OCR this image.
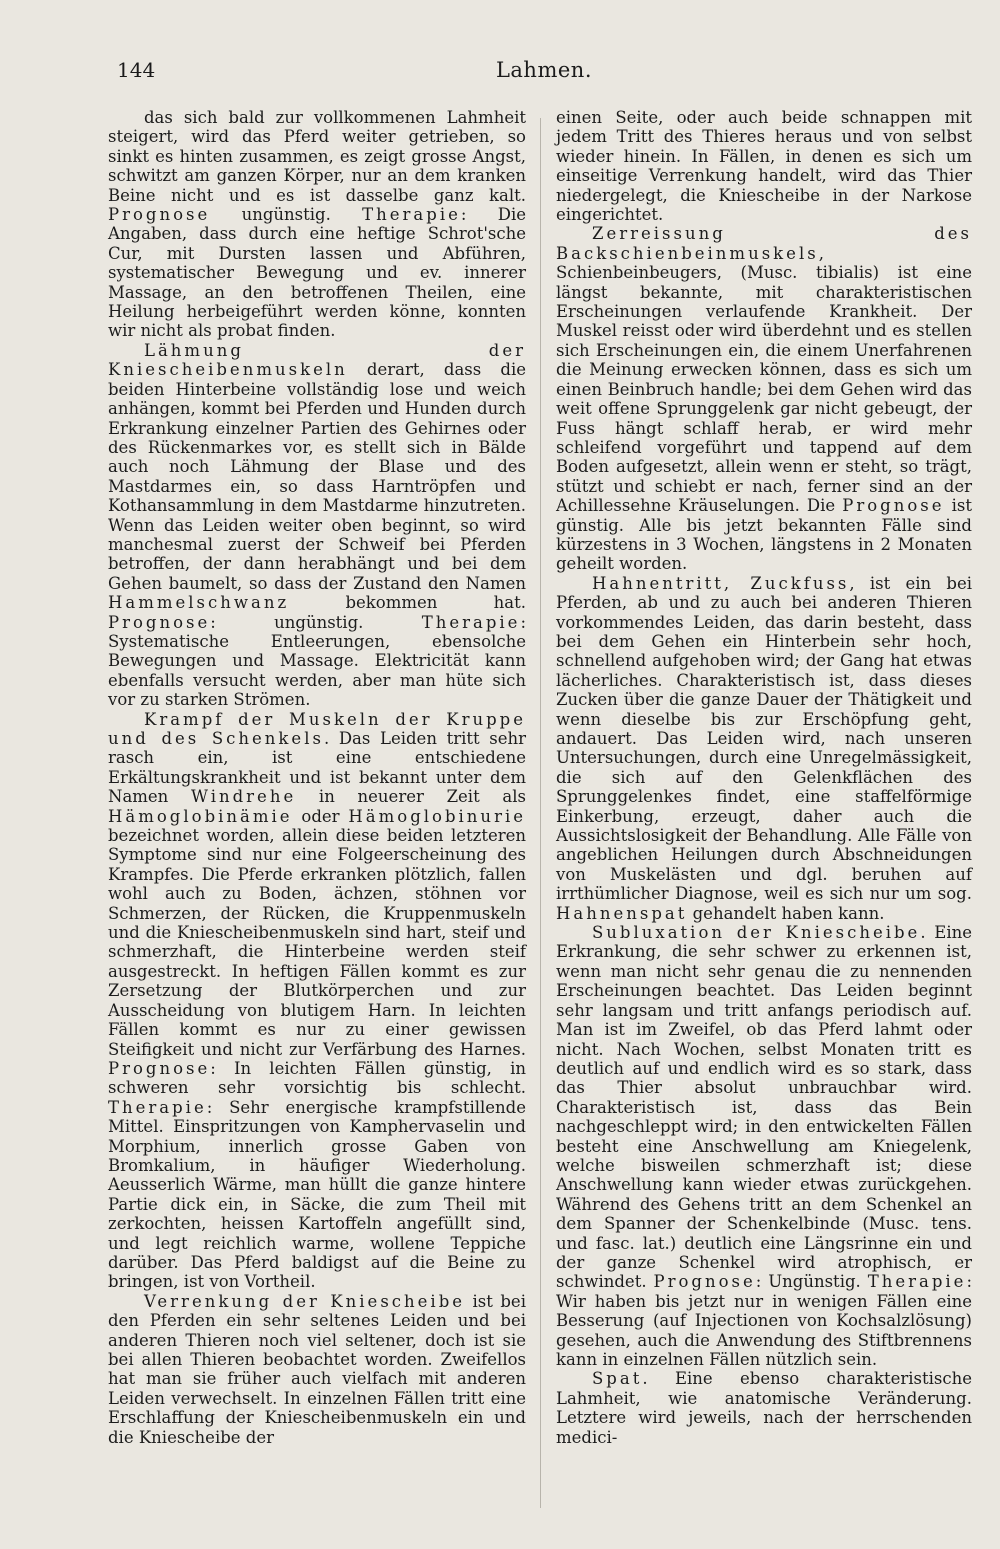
144	Lahmen.

das sich bald zur vollkommenen Lahmheit steigert, wird das Pferd weiter getrieben, so sinkt es hinten zusammen, es zeigt grosse Angst, schwitzt am ganzen Körper, nur an dem kranken Beine nicht und es ist dasselbe ganz kalt. Prognose ungünstig. Therapie: Die Angaben, dass durch eine heftige Schrot'sche Cur, mit Dursten lassen und Abführen, systematischer Bewegung und ev. innerer Massage, an den betroffenen Theilen, eine Heilung herbeigeführt werden könne, konnten wir nicht als probat finden.

Lähmung der Kniescheibenmuskeln derart, dass die beiden Hinterbeine vollständig lose und weich anhängen, kommt bei Pferden und Hunden durch Erkrankung einzelner Partien des Gehirnes oder des Rückenmarkes vor, es stellt sich in Bälde auch noch Lähmung der Blase und des Mastdarmes ein, so dass Harntröpfen und Kothansammlung in dem Mastdarme hinzutreten. Wenn das Leiden weiter oben beginnt, so wird manchesmal zuerst der Schweif bei Pferden betroffen, der dann herabhängt und bei dem Gehen baumelt, so dass der Zustand den Namen Hammelschwanz bekommen hat. Prognose: ungünstig. Therapie: Systematische Entleerungen, ebensolche Bewegungen und Massage. Elektricität kann ebenfalls versucht werden, aber man hüte sich vor zu starken Strömen.

Krampf der Muskeln der Kruppe und des Schenkels. Das Leiden tritt sehr rasch ein, ist eine entschiedene Erkältungskrankheit und ist bekannt unter dem Namen Windrehe in neuerer Zeit als Hämoglobinämie oder Hämoglobinurie bezeichnet worden, allein diese beiden letzteren Symptome sind nur eine Folgeerscheinung des Krampfes. Die Pferde erkranken plötzlich, fallen wohl auch zu Boden, ächzen, stöhnen vor Schmerzen, der Rücken, die Kruppenmuskeln und die Kniescheibenmuskeln sind hart, steif und schmerzhaft, die Hinterbeine werden steif ausgestreckt. In heftigen Fällen kommt es zur Zersetzung der Blutkörperchen und zur Ausscheidung von blutigem Harn. In leichten Fällen kommt es nur zu einer gewissen Steifigkeit und nicht zur Verfärbung des Harnes. Prognose: In leichten Fällen günstig, in schweren sehr vorsichtig bis schlecht. Therapie: Sehr energische krampfstillende Mittel. Einspritzungen von Kamphervaselin und Morphium, innerlich grosse Gaben von Bromkalium, in häufiger Wiederholung. Aeusserlich Wärme, man hüllt die ganze hintere Partie dick ein, in Säcke, die zum Theil mit zerkochten, heissen Kartoffeln angefüllt sind, und legt reichlich warme, wollene Teppiche darüber. Das Pferd baldigst auf die Beine zu bringen, ist von Vortheil.

Verrenkung der Kniescheibe ist bei den Pferden ein sehr seltenes Leiden und bei anderen Thieren noch viel seltener, doch ist sie bei allen Thieren beobachtet worden. Zweifellos hat man sie früher auch vielfach mit anderen Leiden verwechselt. In einzelnen Fällen tritt eine Erschlaffung der Kniescheibenmuskeln ein und die Kniescheibe der

einen Seite, oder auch beide schnappen mit jedem Tritt des Thieres heraus und von selbst wieder hinein. In Fällen, in denen es sich um einseitige Verrenkung handelt, wird das Thier niedergelegt, die Kniescheibe in der Narkose eingerichtet.

Zerreissung des Backschienbeinmuskels, Schienbeinbeugers, (Musc. tibialis) ist eine längst bekannte, mit charakteristischen Erscheinungen verlaufende Krankheit. Der Muskel reisst oder wird überdehnt und es stellen sich Erscheinungen ein, die einem Unerfahrenen die Meinung erwecken können, dass es sich um einen Beinbruch handle; bei dem Gehen wird das weit offene Sprunggelenk gar nicht gebeugt, der Fuss hängt schlaff herab, er wird mehr schleifend vorgeführt und tappend auf dem Boden aufgesetzt, allein wenn er steht, so trägt, stützt und schiebt er nach, ferner sind an der Achillessehne Kräuselungen. Die Prognose ist günstig. Alle bis jetzt bekannten Fälle sind kürzestens in 3 Wochen, längstens in 2 Monaten geheilt worden.

Hahnentritt, Zuckfuss, ist ein bei Pferden, ab und zu auch bei anderen Thieren vorkommendes Leiden, das darin besteht, dass bei dem Gehen ein Hinterbein sehr hoch, schnellend aufgehoben wird; der Gang hat etwas lächerliches. Charakteristisch ist, dass dieses Zucken über die ganze Dauer der Thätigkeit und wenn dieselbe bis zur Erschöpfung geht, andauert. Das Leiden wird, nach unseren Untersuchungen, durch eine Unregelmässigkeit, die sich auf den Gelenkflächen des Sprunggelenkes findet, eine staffelförmige Einkerbung, erzeugt, daher auch die Aussichtslosigkeit der Behandlung. Alle Fälle von angeblichen Heilungen durch Abschneidungen von Muskelästen und dgl. beruhen auf irrthümlicher Diagnose, weil es sich nur um sog. Hahnenspat gehandelt haben kann.

Subluxation der Kniescheibe. Eine Erkrankung, die sehr schwer zu erkennen ist, wenn man nicht sehr genau die zu nennenden Erscheinungen beachtet. Das Leiden beginnt sehr langsam und tritt anfangs periodisch auf. Man ist im Zweifel, ob das Pferd lahmt oder nicht. Nach Wochen, selbst Monaten tritt es deutlich auf und endlich wird es so stark, dass das Thier absolut unbrauchbar wird. Charakteristisch ist, dass das Bein nachgeschleppt wird; in den entwickelten Fällen besteht eine Anschwellung am Kniegelenk, welche bisweilen schmerzhaft ist; diese Anschwellung kann wieder etwas zurückgehen. Während des Gehens tritt an dem Schenkel an dem Spanner der Schenkelbinde (Musc. tens. und fasc. lat.) deutlich eine Längsrinne ein und der ganze Schenkel wird atrophisch, er schwindet. Prognose: Ungünstig. Therapie: Wir haben bis jetzt nur in wenigen Fällen eine Besserung (auf Injectionen von Kochsalzlösung) gesehen, auch die Anwendung des Stiftbrennens kann in einzelnen Fällen nützlich sein.

Spat. Eine ebenso charakteristische Lahmheit, wie anatomische Veränderung. Letztere wird jeweils, nach der herrschenden medici-
